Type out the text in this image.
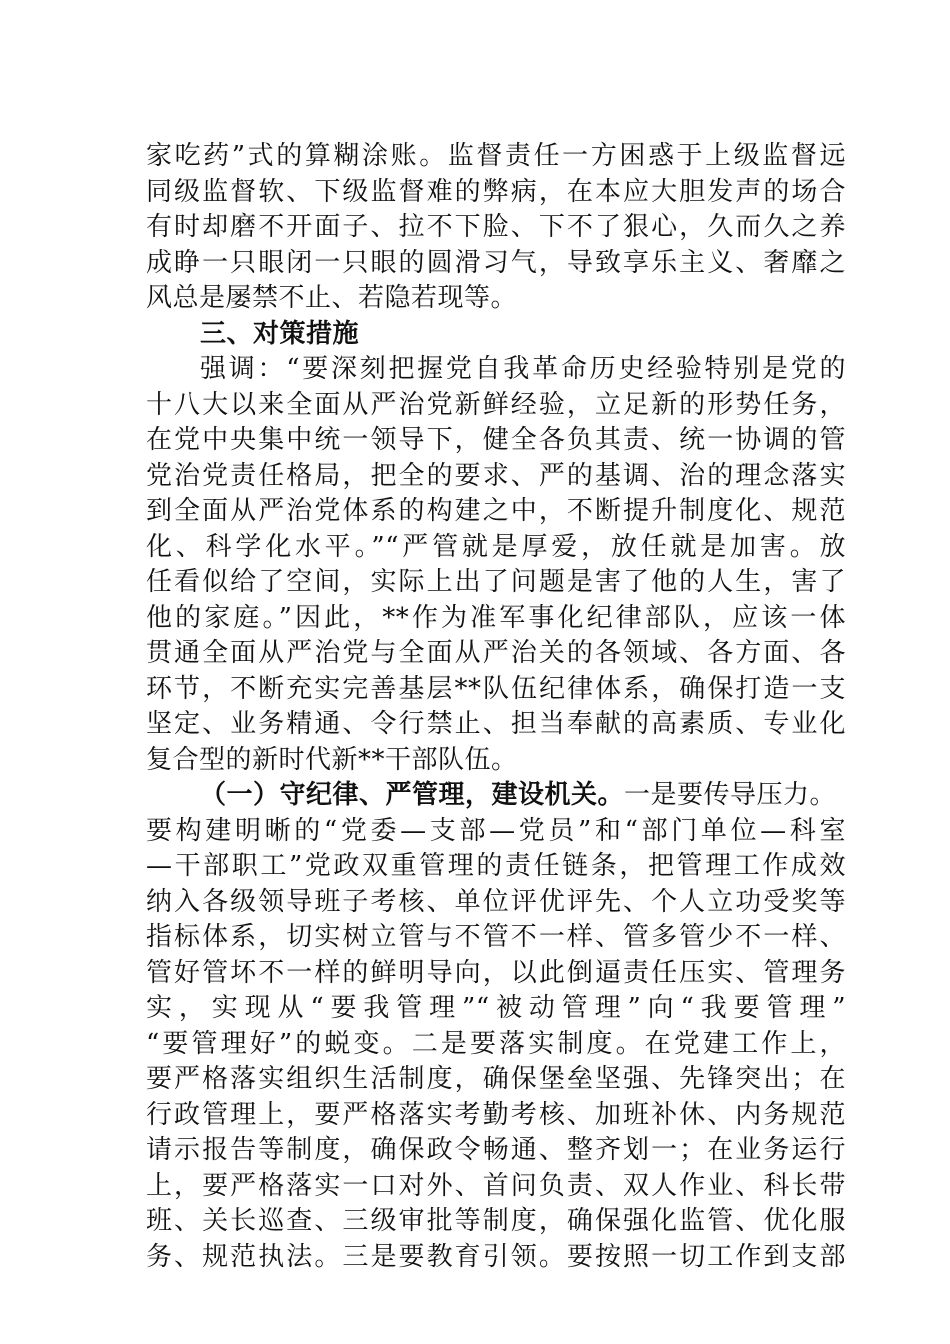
家吃药”式的算糊涂账。监督责任一方困惑于上级监督远
同级监督软、下级监督难的弊病，在本应大胆发声的场合
有时却磨不开面子、拉不下脸、下不了狠心，久而久之养
成睁一只眼闭一只眼的圆滑习气，导致享乐主义、奢靡之
风总是屡禁不止、若隐若现等。
三、对策措施
强调：“要深刻把握党自我革命历史经验特别是党的
十八大以来全面从严治党新鲜经验，立足新的形势任务，
在党中央集中统一领导下，健全各负其责、统一协调的管
党治党责任格局，把全的要求、严的基调、治的理念落实
到全面从严治党体系的构建之中，不断提升制度化、规范
化、科学化水平。”“严管就是厚爱，放任就是加害。放
任看似给了空间，实际上出了问题是害了他的人生，害了
他的家庭。”因此，**作为准军事化纪律部队，应该一体
贯通全面从严治党与全面从严治关的各领域、各方面、各
环节，不断充实完善基层**队伍纪律体系，确保打造一支
坚定、业务精通、令行禁止、担当奉献的高素质、专业化
复合型的新时代新**干部队伍。
（一）守纪律、严管理，建设机关。一是要传导压力。
要构建明晰的“党委—支部—党员”和“部门单位—科室
—干部职工”党政双重管理的责任链条，把管理工作成效
纳入各级领导班子考核、单位评优评先、个人立功受奖等
指标体系，切实树立管与不管不一样、管多管少不一样、
管好管坏不一样的鲜明导向，以此倒逼责任压实、管理务
实，实现从“要我管理”“被动管理”向“我要管理”
“要管理好”的蜕变。二是要落实制度。在党建工作上，
要严格落实组织生活制度，确保堡垒坚强、先锋突出；在
行政管理上，要严格落实考勤考核、加班补休、内务规范
请示报告等制度，确保政令畅通、整齐划一；在业务运行
上，要严格落实一口对外、首问负责、双人作业、科长带
班、关长巡查、三级审批等制度，确保强化监管、优化服
务、规范执法。三是要教育引领。要按照一切工作到支部
